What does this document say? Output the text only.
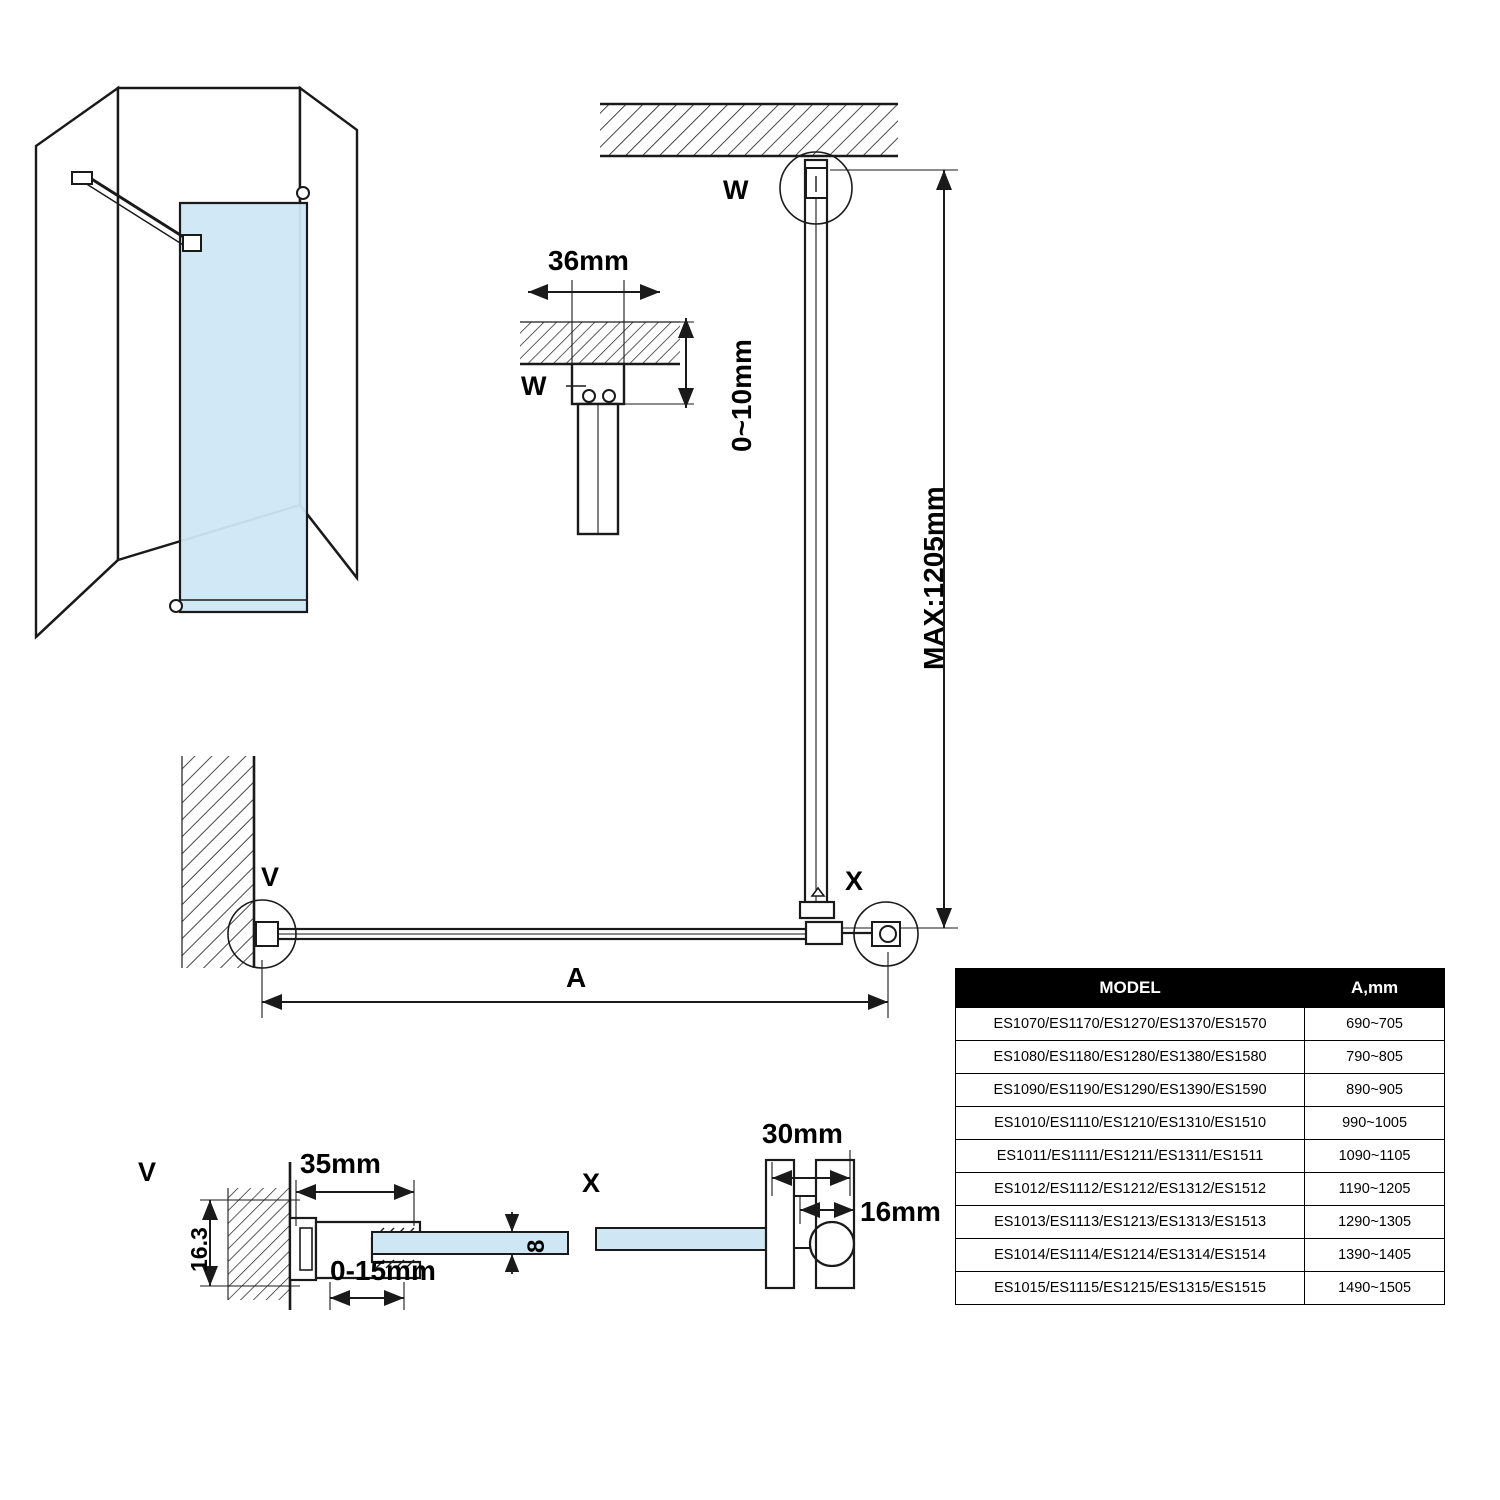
W
W
36mm
0~10mm
MAX:1205mm
V	X
A
V
16.3
35mm
8
0-15mm
X
30mm
16mm
MODEL	A,mm
ES1070/ES1170/ES1270/ES1370/ES1570	690~705
ES1080/ES1180/ES1280/ES1380/ES1580	790~805
ES1090/ES1190/ES1290/ES1390/ES1590	890~905
ES1010/ES1110/ES1210/ES1310/ES1510	990~1005
ES1011/ES1111/ES1211/ES1311/ES1511	1090~1105
ES1012/ES1112/ES1212/ES1312/ES1512	1190~1205
ES1013/ES1113/ES1213/ES1313/ES1513	1290~1305
ES1014/ES1114/ES1214/ES1314/ES1514	1390~1405
ES1015/ES1115/ES1215/ES1315/ES1515	1490~1505
